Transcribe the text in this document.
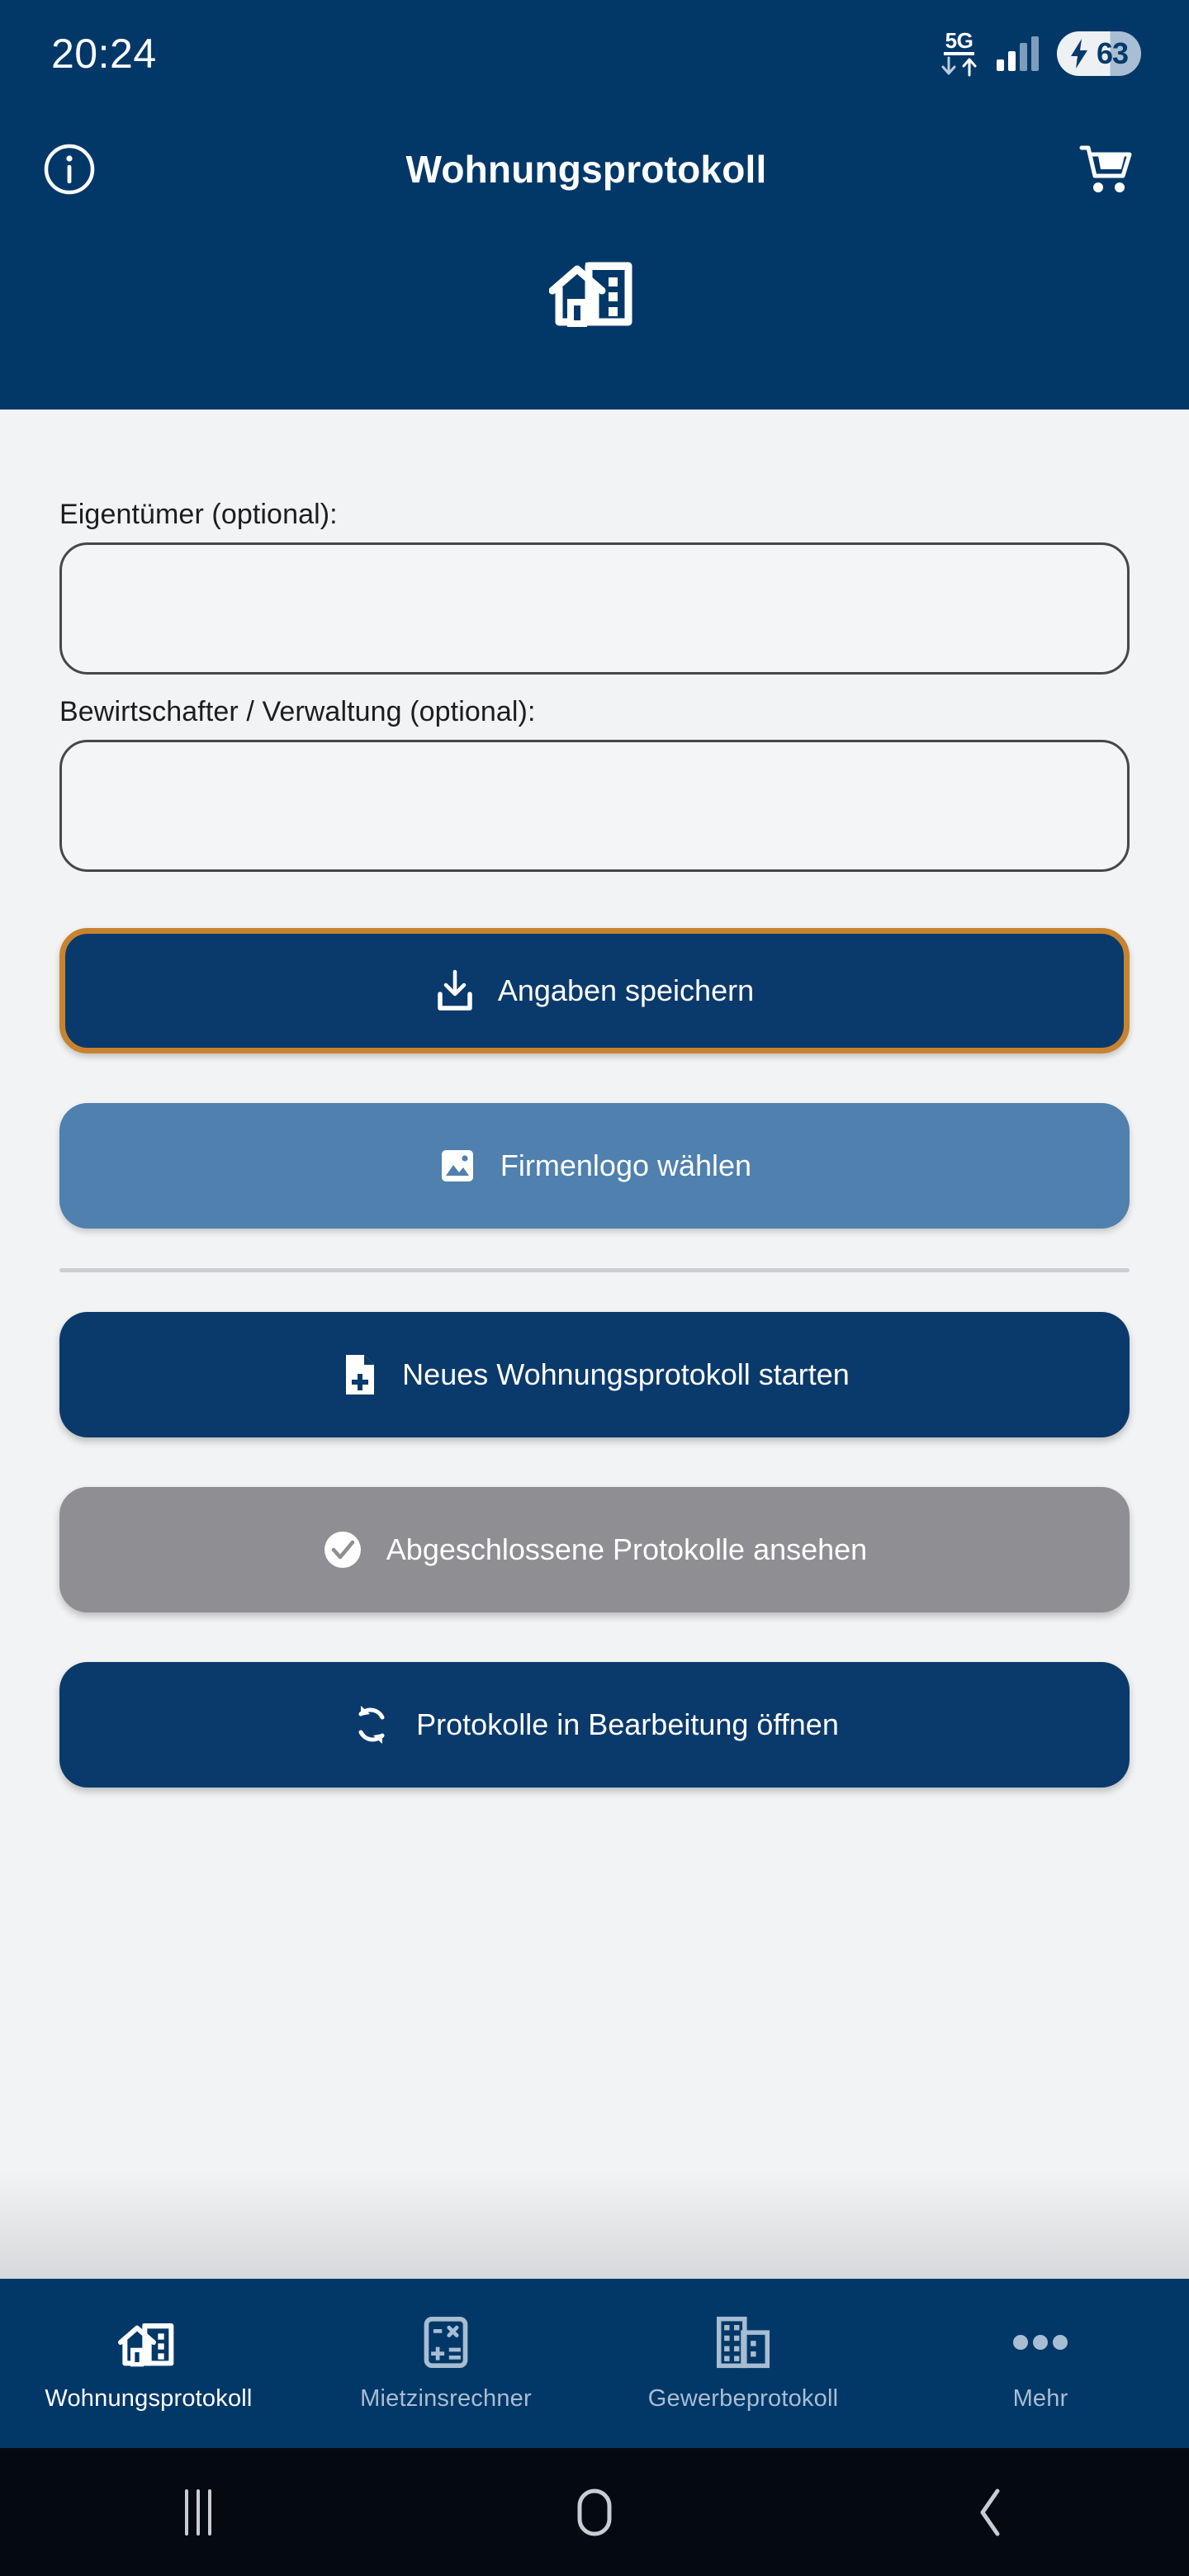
20:24	5G	63
Wohnungsprotokoll
Eigentümer (optional):
Bewirtschafter / Verwaltung (optional):
Angaben speichern
Firmenlogo wählen
Neues Wohnungsprotokoll starten
Abgeschlossene Protokolle ansehen
Protokolle in Bearbeitung öffnen
Wohnungsprotokoll	Mietzinsrechner	Gewerbeprotokoll	Mehr
